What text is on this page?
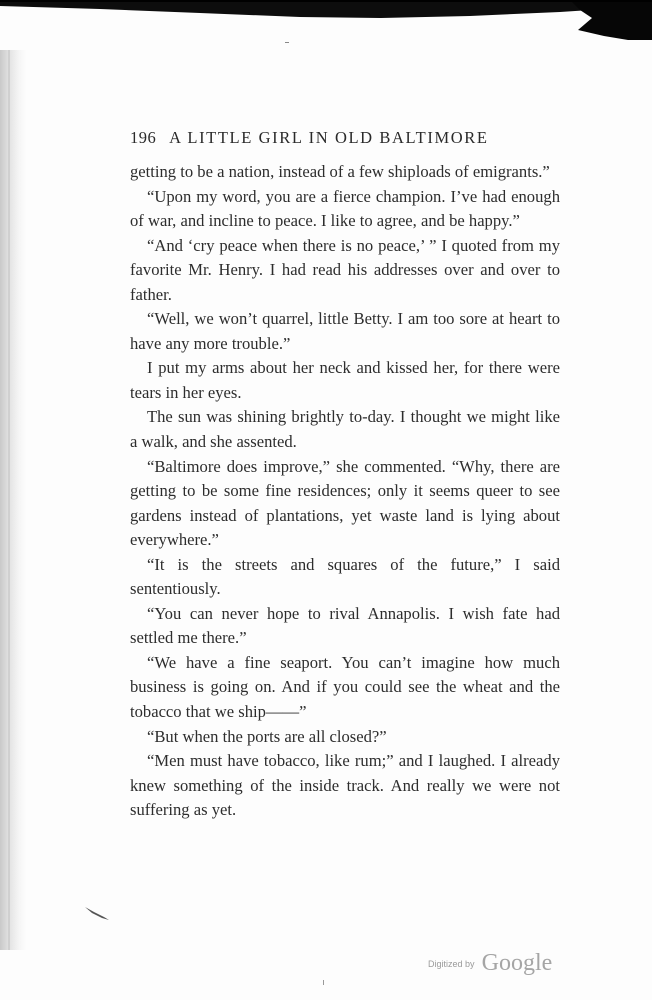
196 A LITTLE GIRL IN OLD BALTIMORE

getting to be a nation, instead of a few shiploads of emigrants.”

“Upon my word, you are a fierce champion. I’ve had enough of war, and incline to peace. I like to agree, and be happy.”

“And ‘cry peace when there is no peace,’ ” I quoted from my favorite Mr. Henry. I had read his addresses over and over to father.

“Well, we won’t quarrel, little Betty. I am too sore at heart to have any more trouble.”

I put my arms about her neck and kissed her, for there were tears in her eyes.

The sun was shining brightly to-day. I thought we might like a walk, and she assented.

“Baltimore does improve,” she commented. “Why, there are getting to be some fine residences; only it seems queer to see gardens instead of plantations, yet waste land is lying about everywhere.”

“It is the streets and squares of the future,” I said sententiously.

“You can never hope to rival Annapolis. I wish fate had settled me there.”

“We have a fine seaport. You can’t imagine how much business is going on. And if you could see the wheat and the tobacco that we ship——”

“But when the ports are all closed?”

“Men must have tobacco, like rum;” and I laughed. I already knew something of the inside track. And really we were not suffering as yet.

Digitized by Google
